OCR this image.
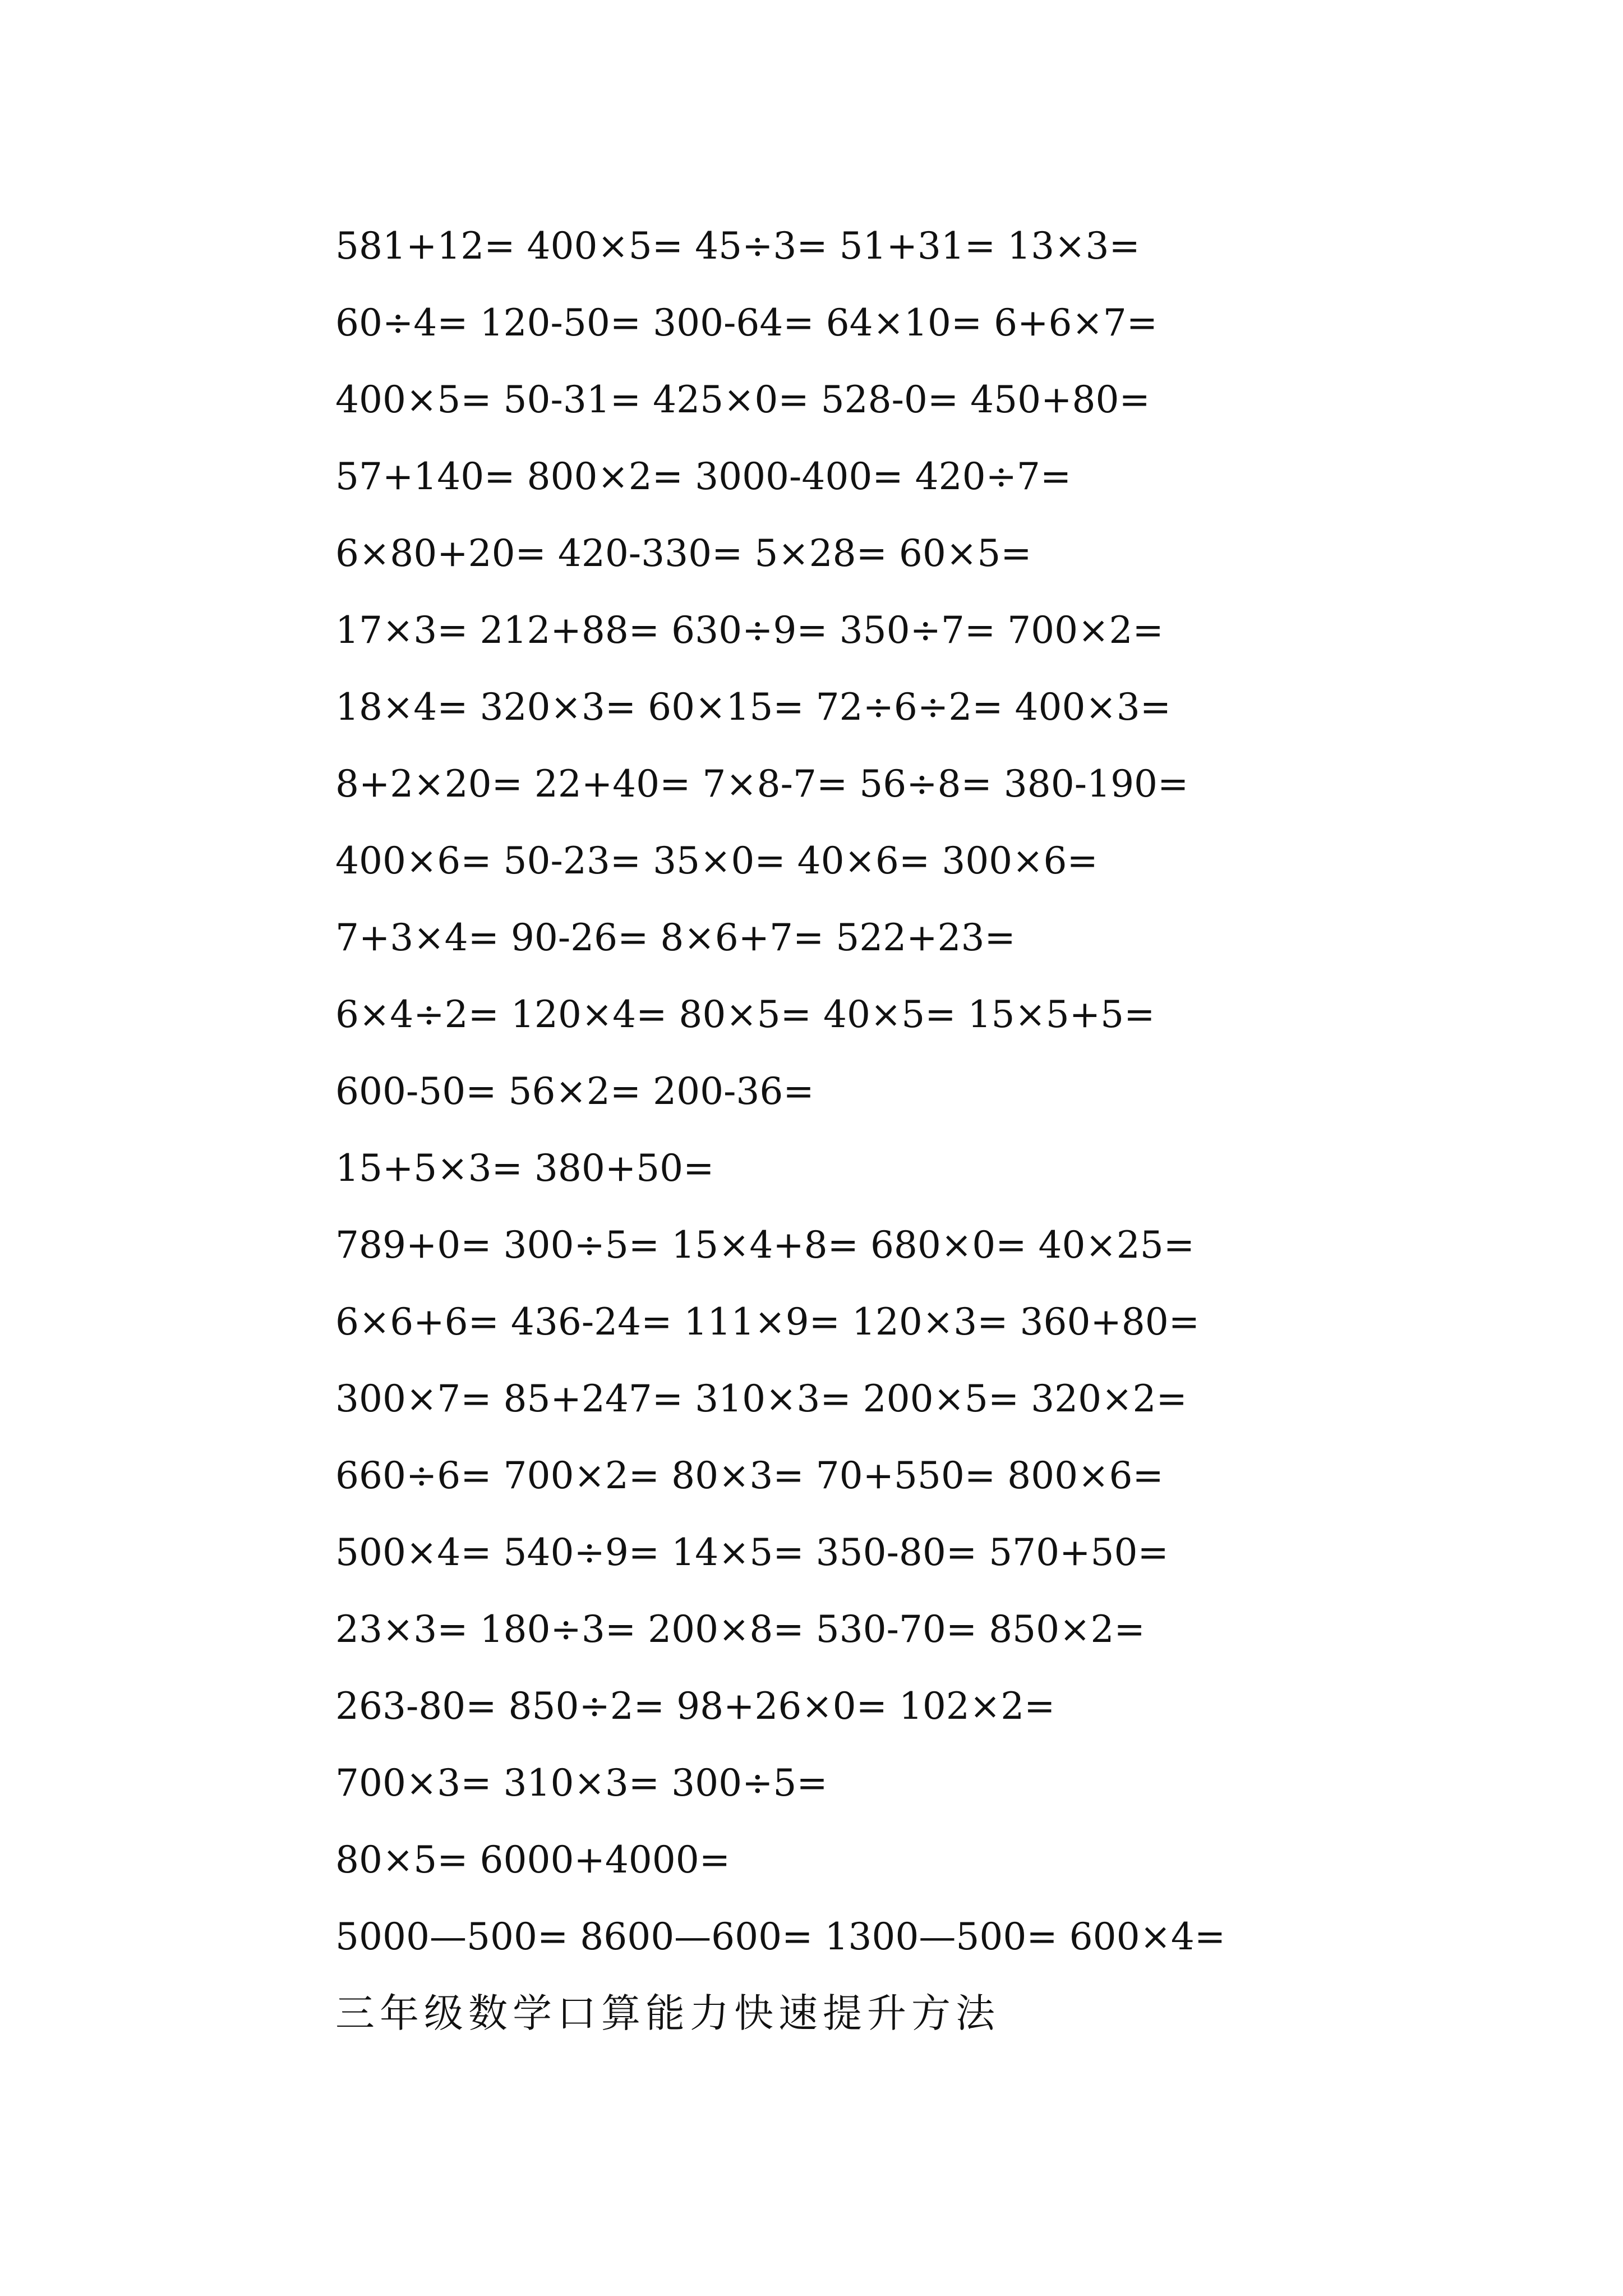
581+12= 400×5= 45÷3= 51+31= 13×3=
60÷4= 120-50= 300-64= 64×10= 6+6×7=
400×5= 50-31= 425×0= 528-0= 450+80=
57+140= 800×2= 3000-400= 420÷7=
6×80+20= 420-330= 5×28= 60×5=
17×3= 212+88= 630÷9= 350÷7= 700×2=
18×4= 320×3= 60×15= 72÷6÷2= 400×3=
8+2×20= 22+40= 7×8-7= 56÷8= 380-190=
400×6= 50-23= 35×0= 40×6= 300×6=
7+3×4= 90-26= 8×6+7= 522+23=
6×4÷2= 120×4= 80×5= 40×5= 15×5+5=
600-50= 56×2= 200-36=
15+5×3= 380+50=
789+0= 300÷5= 15×4+8= 680×0= 40×25=
6×6+6= 436-24= 111×9= 120×3= 360+80=
300×7= 85+247= 310×3= 200×5= 320×2=
660÷6= 700×2= 80×3= 70+550= 800×6=
500×4= 540÷9= 14×5= 350-80= 570+50=
23×3= 180÷3= 200×8= 530-70= 850×2=
263-80= 850÷2= 98+26×0= 102×2=
700×3= 310×3= 300÷5=
80×5= 6000+4000=
5000—500= 8600—600= 1300—500= 600×4=
三年级数学口算能力快速提升方法
